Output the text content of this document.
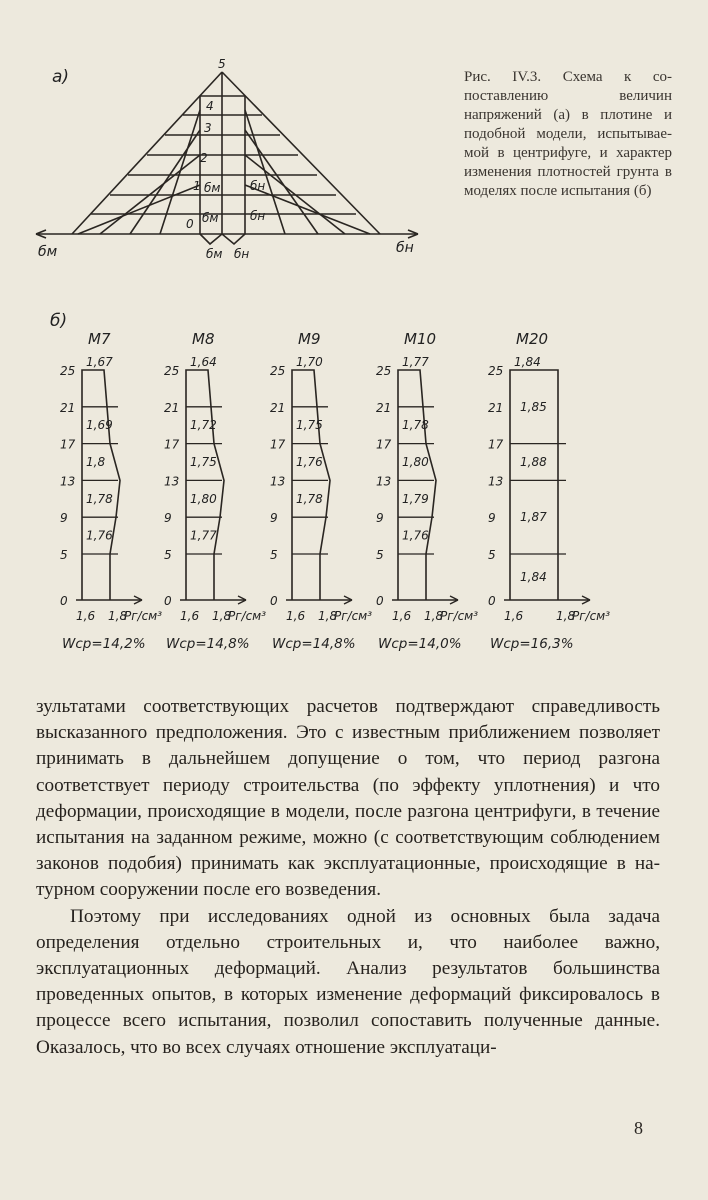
а)
5
4
3
2
1
0
бм
бм
бн
бн
бм бн
бм	бн
Рис. IV.3. Схема к сопоставлению величин напряжений (а) в плотине и подобной модели, испытываемой в центрифуге, и характер изменения плотностей грунта в моделях после испытания (б)
б)
M7
25
21
17
13
9
5
0
1,67
1,69
1,8
1,78
1,76
1,6 1,8
Pг/см³
Wср=14,2%
M8
25
21
17
13
9
5
0
1,64
1,72
1,75
1,80
1,77
1,6 1,8
Pг/см³
Wср=14,8%
M9
25
21
17
13
9
5
0
1,70
1,75
1,76
1,78
1,6 1,8
Pг/см³
Wср=14,8%
M10
25
21
17
13
9
5
0
1,77
1,78
1,80
1,79
1,76
1,6 1,8
Pг/см³
Wср=14,0%
M20
25
21
17
13
9
5
0
1,84
1,85
1,88
1,87
1,84
1,6	1,8
Pг/см³
Wср=16,3%

зультатами соответствующих расчетов подтверждают справедливость высказанного предположения. Это с известным приближением позволяет принимать в дальнейшем допущение о том, что период разгона соответствует периоду строительства (по эффекту уплотнения) и что деформации, происходящие в модели, после разгона центрифуги, в течение испытания на заданном режиме, можно (с соответствующим соблюдением законов подобия) принимать как эксплуатационные, происходящие в натурном сооружении после его возведения.

Поэтому при исследованиях одной из основных была задача определения отдельно строительных и, что наиболее важно, эксплуатационных деформаций. Анализ результатов большинства проведенных опытов, в которых изменение деформаций фиксировалось в процессе всего испытания, позволил сопоставить полученные данные. Оказалось, что во всех случаях отношение эксплуатаци-

8
